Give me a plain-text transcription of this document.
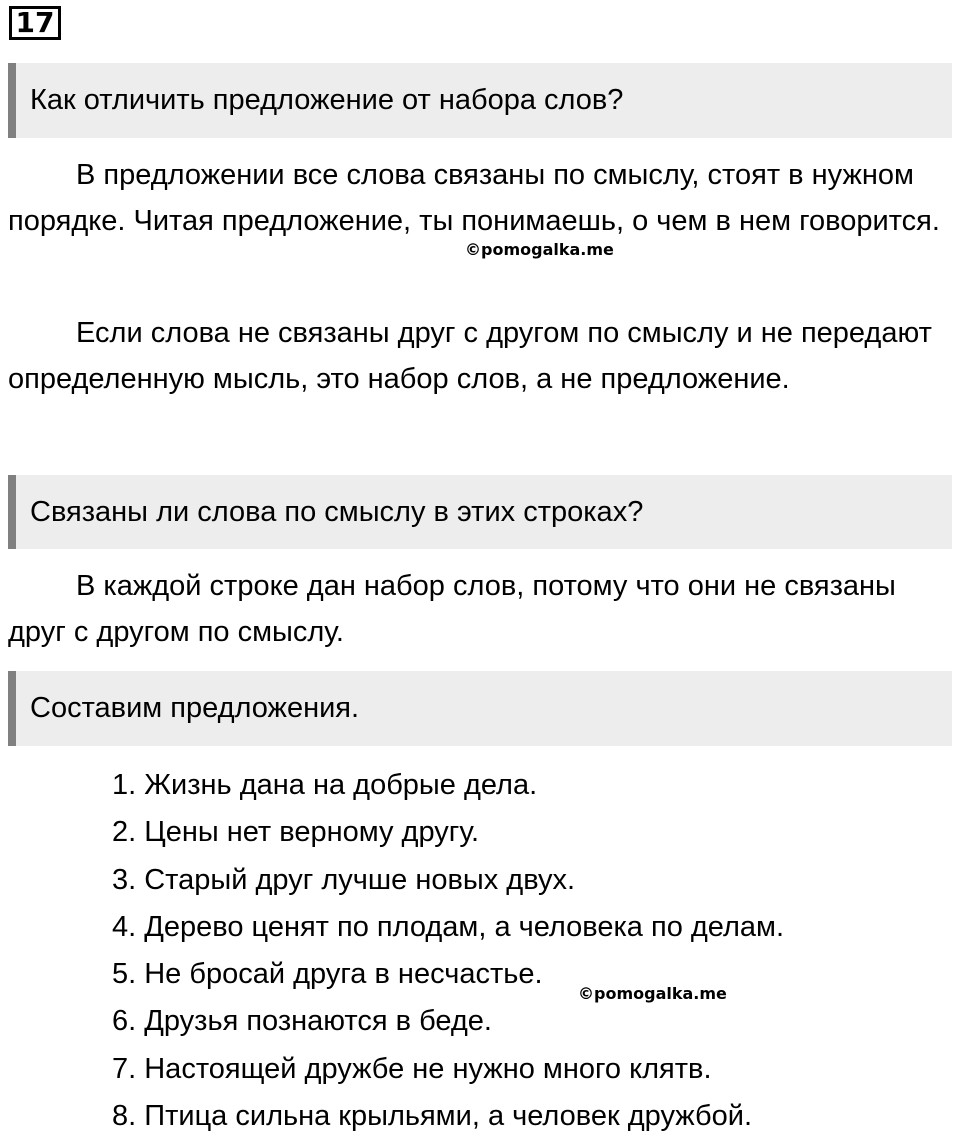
17
Как отличить предложение от набора слов?

В предложении все слова связаны по смыслу, стоят в нужном порядке. Читая предложение, ты понимаешь, о чем в нем говорится.

©pomogalka.me

Если слова не связаны друг с другом по смыслу и не передают определенную мысль, это набор слов, а не предложение.

Связаны ли слова по смыслу в этих строках?

В каждой строке дан набор слов, потому что они не связаны друг с другом по смыслу.

Составим предложения.
1. Жизнь дана на добрые дела.
2. Цены нет верному другу.
3. Старый друг лучше новых двух.
4. Дерево ценят по плодам, а человека по делам.
5. Не бросай друга в несчастье.
6. Друзья познаются в беде.
7. Настоящей дружбе не нужно много клятв.
8. Птица сильна крыльями, а человек дружбой.
©pomogalka.me
